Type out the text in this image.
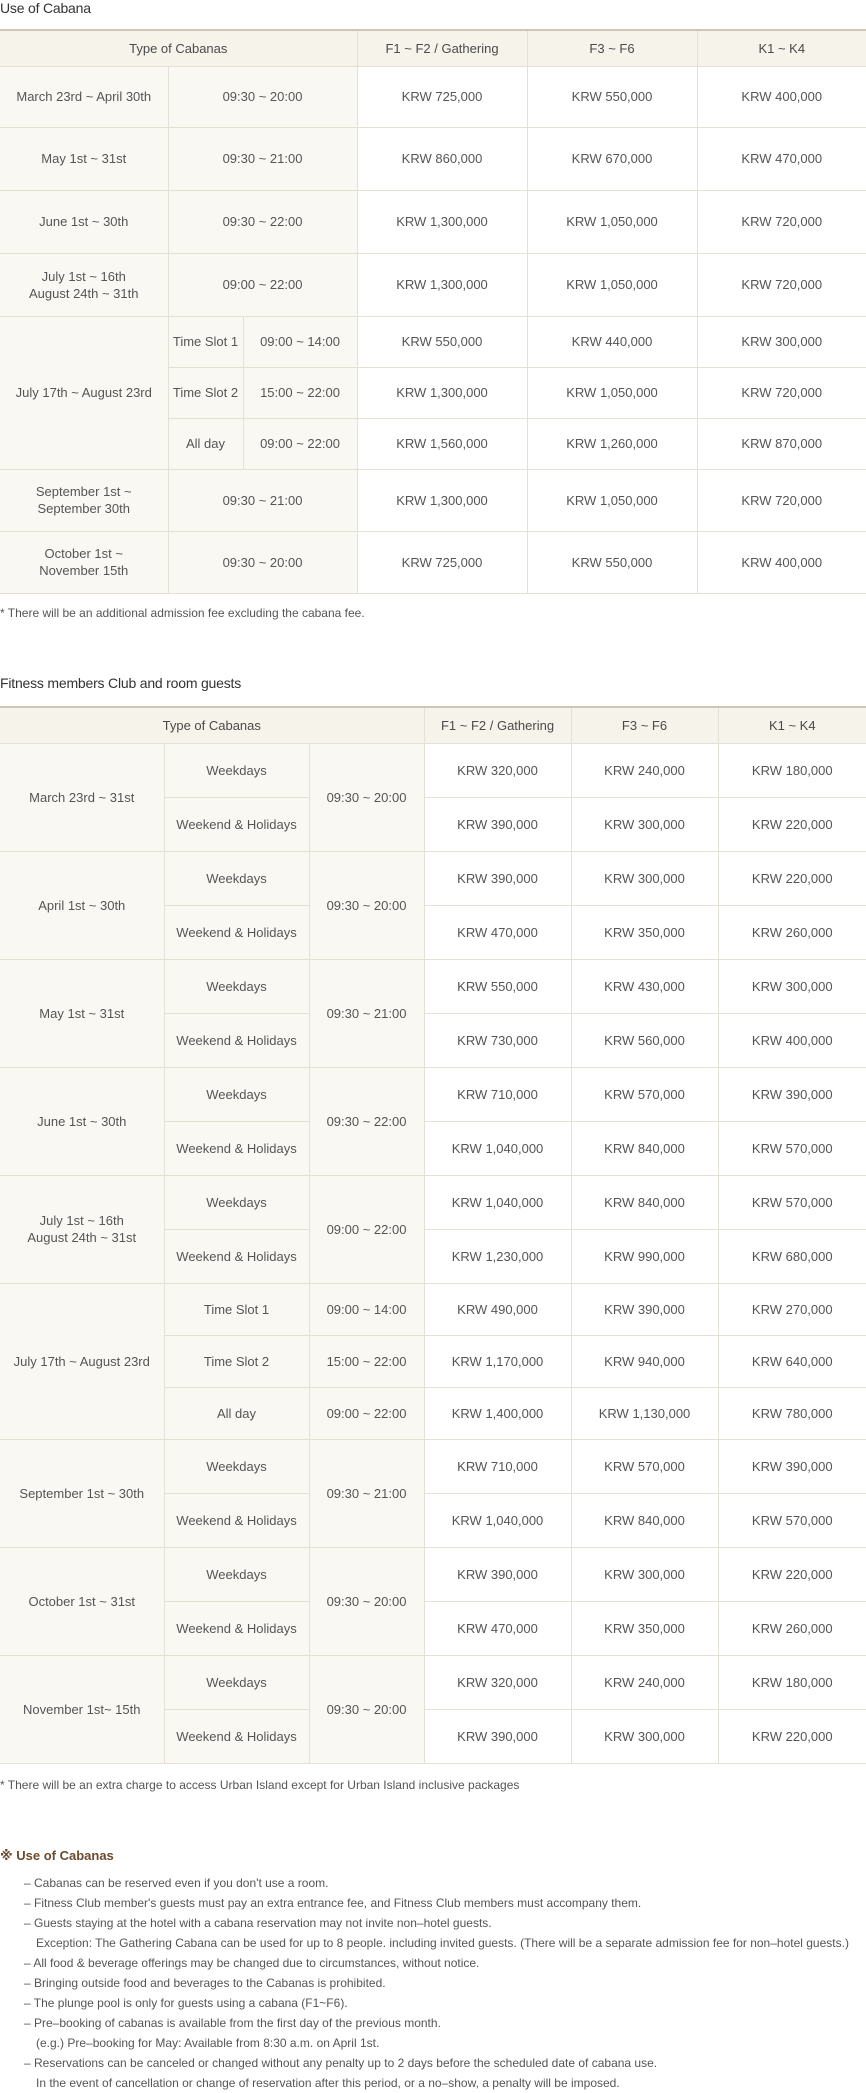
Use of Cabana
Type of Cabanas			F1 ~ F2 / Gathering	F3 ~ F6	K1 ~ K4
March 23rd ~ April 30th	09:30 ~ 20:00		KRW 725,000	KRW 550,000	KRW 400,000
May 1st ~ 31st	09:30 ~ 21:00		KRW 860,000	KRW 670,000	KRW 470,000
June 1st ~ 30th	09:30 ~ 22:00		KRW 1,300,000	KRW 1,050,000	KRW 720,000
July 1st ~ 16th
August 24th ~ 31th	09:00 ~ 22:00		KRW 1,300,000	KRW 1,050,000	KRW 720,000
July 17th ~ August 23rd	Time Slot 1	09:00 ~ 14:00	KRW 550,000	KRW 440,000	KRW 300,000
	Time Slot 2	15:00 ~ 22:00	KRW 1,300,000	KRW 1,050,000	KRW 720,000
	All day	09:00 ~ 22:00	KRW 1,560,000	KRW 1,260,000	KRW 870,000
September 1st ~
September 30th	09:30 ~ 21:00		KRW 1,300,000	KRW 1,050,000	KRW 720,000
October 1st ~
November 15th	09:30 ~ 20:00		KRW 725,000	KRW 550,000	KRW 400,000

* There will be an additional admission fee excluding the cabana fee.

Fitness members Club and room guests
Type of Cabanas			F1 ~ F2 / Gathering	F3 ~ F6	K1 ~ K4
March 23rd ~ 31st	Weekdays	09:30 ~ 20:00	KRW 320,000	KRW 240,000	KRW 180,000
	Weekend & Holidays		KRW 390,000	KRW 300,000	KRW 220,000
April 1st ~ 30th	Weekdays	09:30 ~ 20:00	KRW 390,000	KRW 300,000	KRW 220,000
	Weekend & Holidays		KRW 470,000	KRW 350,000	KRW 260,000
May 1st ~ 31st	Weekdays	09:30 ~ 21:00	KRW 550,000	KRW 430,000	KRW 300,000
	Weekend & Holidays		KRW 730,000	KRW 560,000	KRW 400,000
June 1st ~ 30th	Weekdays	09:30 ~ 22:00	KRW 710,000	KRW 570,000	KRW 390,000
	Weekend & Holidays		KRW 1,040,000	KRW 840,000	KRW 570,000
July 1st ~ 16th
August 24th ~ 31st	Weekdays	09:00 ~ 22:00	KRW 1,040,000	KRW 840,000	KRW 570,000
	Weekend & Holidays		KRW 1,230,000	KRW 990,000	KRW 680,000
July 17th ~ August 23rd	Time Slot 1	09:00 ~ 14:00	KRW 490,000	KRW 390,000	KRW 270,000
	Time Slot 2	15:00 ~ 22:00	KRW 1,170,000	KRW 940,000	KRW 640,000
	All day	09:00 ~ 22:00	KRW 1,400,000	KRW 1,130,000	KRW 780,000
September 1st ~ 30th	Weekdays	09:30 ~ 21:00	KRW 710,000	KRW 570,000	KRW 390,000
	Weekend & Holidays		KRW 1,040,000	KRW 840,000	KRW 570,000
October 1st ~ 31st	Weekdays	09:30 ~ 20:00	KRW 390,000	KRW 300,000	KRW 220,000
	Weekend & Holidays		KRW 470,000	KRW 350,000	KRW 260,000
November 1st~ 15th	Weekdays	09:30 ~ 20:00	KRW 320,000	KRW 240,000	KRW 180,000
	Weekend & Holidays		KRW 390,000	KRW 300,000	KRW 220,000

* There will be an extra charge to access Urban Island except for Urban Island inclusive packages

※ Use of Cabanas
– Cabanas can be reserved even if you don't use a room.
– Fitness Club member's guests must pay an extra entrance fee, and Fitness Club members must accompany them.
– Guests staying at the hotel with a cabana reservation may not invite non–hotel guests.
Exception: The Gathering Cabana can be used for up to 8 people. including invited guests. (There will be a separate admission fee for non–hotel guests.)
– All food & beverage offerings may be changed due to circumstances, without notice.
– Bringing outside food and beverages to the Cabanas is prohibited.
– The plunge pool is only for guests using a cabana (F1~F6).
– Pre–booking of cabanas is available from the first day of the previous month.
(e.g.) Pre–booking for May: Available from 8:30 a.m. on April 1st.
– Reservations can be canceled or changed without any penalty up to 2 days before the scheduled date of cabana use.
In the event of cancellation or change of reservation after this period, or a no–show, a penalty will be imposed.
